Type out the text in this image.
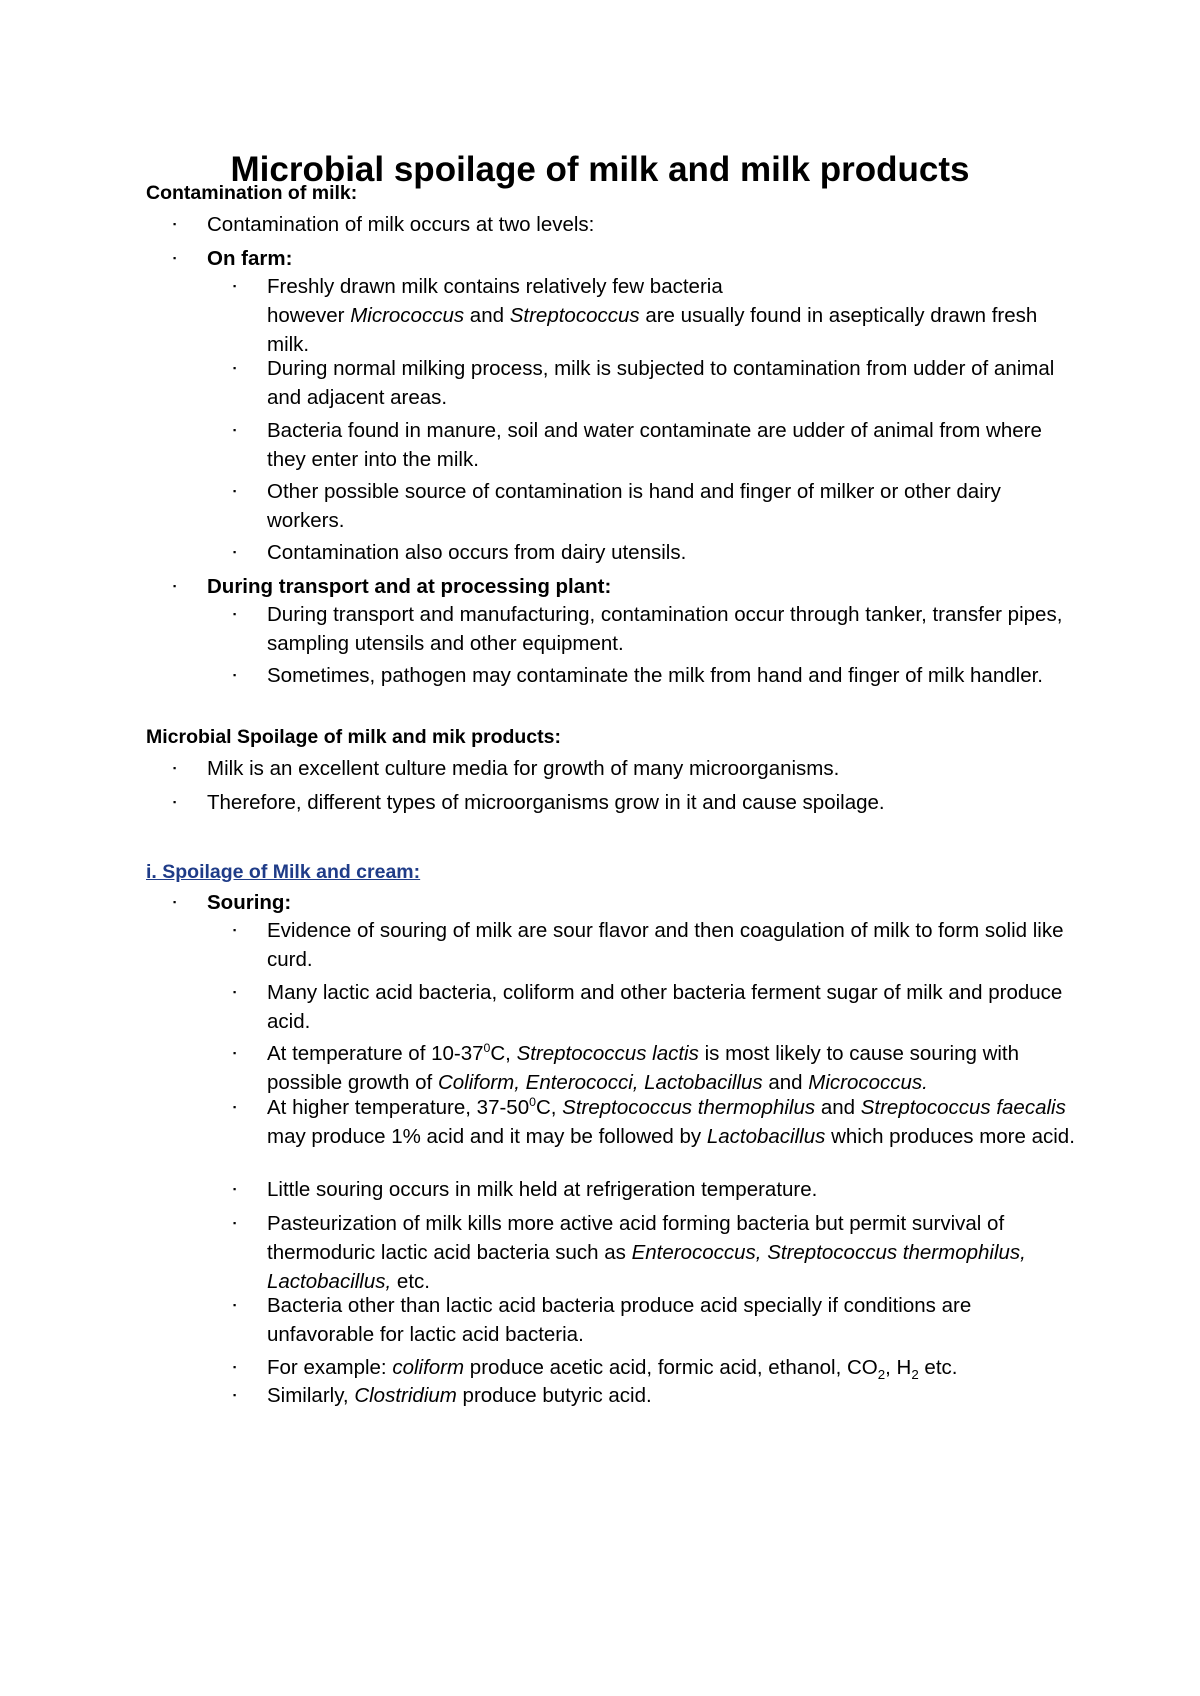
Microbial spoilage of milk and milk products
Contamination of milk:
▪ Contamination of milk occurs at two levels:
▪ On farm:
▪ Freshly drawn milk contains relatively few bacteria
however Micrococcus and Streptococcus are usually found in aseptically drawn fresh milk.
▪ During normal milking process, milk is subjected to contamination from udder of animal and adjacent areas.
▪ Bacteria found in manure, soil and water contaminate are udder of animal from where they enter into the milk.
▪ Other possible source of contamination is hand and finger of milker or other dairy workers.
▪ Contamination also occurs from dairy utensils.
▪ During transport and at processing plant:
▪ During transport and manufacturing, contamination occur through tanker, transfer pipes, sampling utensils and other equipment.
▪ Sometimes, pathogen may contaminate the milk from hand and finger of milk handler.
Microbial Spoilage of milk and mik products:
▪ Milk is an excellent culture media for growth of many microorganisms.
▪ Therefore, different types of microorganisms grow in it and cause spoilage.
i. Spoilage of Milk and cream:
▪ Souring:
▪ Evidence of souring of milk are sour flavor and then coagulation of milk to form solid like curd.
▪ Many lactic acid bacteria, coliform and other bacteria ferment sugar of milk and produce acid.
▪ At temperature of $10-37^0C$, Streptococcus lactis is most likely to cause souring with possible growth of Coliform, Enterococci, Lactobacillus and Micrococcus.
▪ At higher temperature, $37-50^0C$, Streptococcus thermophilus and Streptococcus faecalis may produce 1% acid and it may be followed by Lactobacillus which produces more acid.
▪ Little souring occurs in milk held at refrigeration temperature.
▪ Pasteurization of milk kills more active acid forming bacteria but permit survival of thermoduric lactic acid bacteria such as Enterococcus, Streptococcus thermophilus, Lactobacillus, etc.
▪ Bacteria other than lactic acid bacteria produce acid specially if conditions are unfavorable for lactic acid bacteria.
▪ For example: coliform produce acetic acid, formic acid, ethanol, $CO_2$, $H_2$ etc.
▪ Similarly, Clostridium produce butyric acid.
